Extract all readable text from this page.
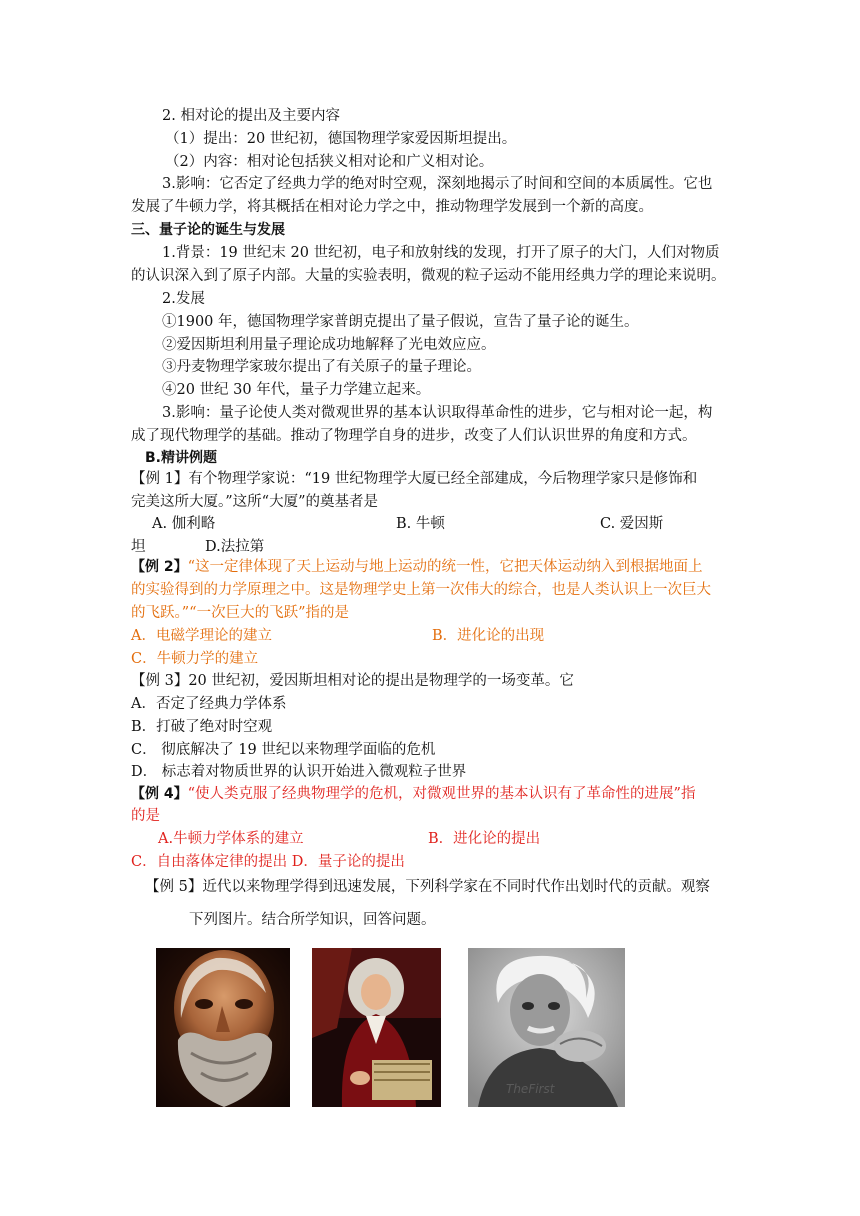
2. 相对论的提出及主要内容
（1）提出：20 世纪初，德国物理学家爱因斯坦提出。
（2）内容：相对论包括狭义相对论和广义相对论。
3.影响：它否定了经典力学的绝对时空观，深刻地揭示了时间和空间的本质属性。它也
发展了牛顿力学，将其概括在相对论力学之中，推动物理学发展到一个新的高度。
三、量子论的诞生与发展
1.背景：19 世纪末 20 世纪初，电子和放射线的发现，打开了原子的大门，人们对物质
的认识深入到了原子内部。大量的实验表明，微观的粒子运动不能用经典力学的理论来说明。
2.发展
①1900 年，德国物理学家普朗克提出了量子假说，宣告了量子论的诞生。
②爱因斯坦利用量子理论成功地解释了光电效应应。
③丹麦物理学家玻尔提出了有关原子的量子理论。
④20 世纪 30 年代，量子力学建立起来。
3.影响：量子论使人类对微观世界的基本认识取得革命性的进步，它与相对论一起，构
成了现代物理学的基础。推动了物理学自身的进步，改变了人们认识世界的角度和方式。
B.精讲例题
【例 1】有个物理学家说：“19 世纪物理学大厦已经全部建成，今后物理学家只是修饰和
完美这所大厦。”这所“大厦”的奠基者是
A. 伽利略	B. 牛顿	C. 爱因斯
坦	D.法拉第
【例 2】“这一定律体现了天上运动与地上运动的统一性，它把天体运动纳入到根据地面上
的实验得到的力学原理之中。这是物理学史上第一次伟大的综合，也是人类认识上一次巨大
的飞跃。”“一次巨大的飞跃”指的是
A．电磁学理论的建立	B．进化论的出现
C．牛顿力学的建立
【例 3】20 世纪初，爱因斯坦相对论的提出是物理学的一场变革。它
A．否定了经典力学体系
B．打破了绝对时空观
C． 彻底解决了 19 世纪以来物理学面临的危机
D． 标志着对物质世界的认识开始进入微观粒子世界
【例 4】“使人类克服了经典物理学的危机，对微观世界的基本认识有了革命性的进展”指
的是
A.牛顿力学体系的建立	B．进化论的提出
C．自由落体定律的提出 D．量子论的提出
【例 5】近代以来物理学得到迅速发展，下列科学家在不同时代作出划时代的贡献。观察
下列图片。结合所学知识，回答问题。
TheFirst
